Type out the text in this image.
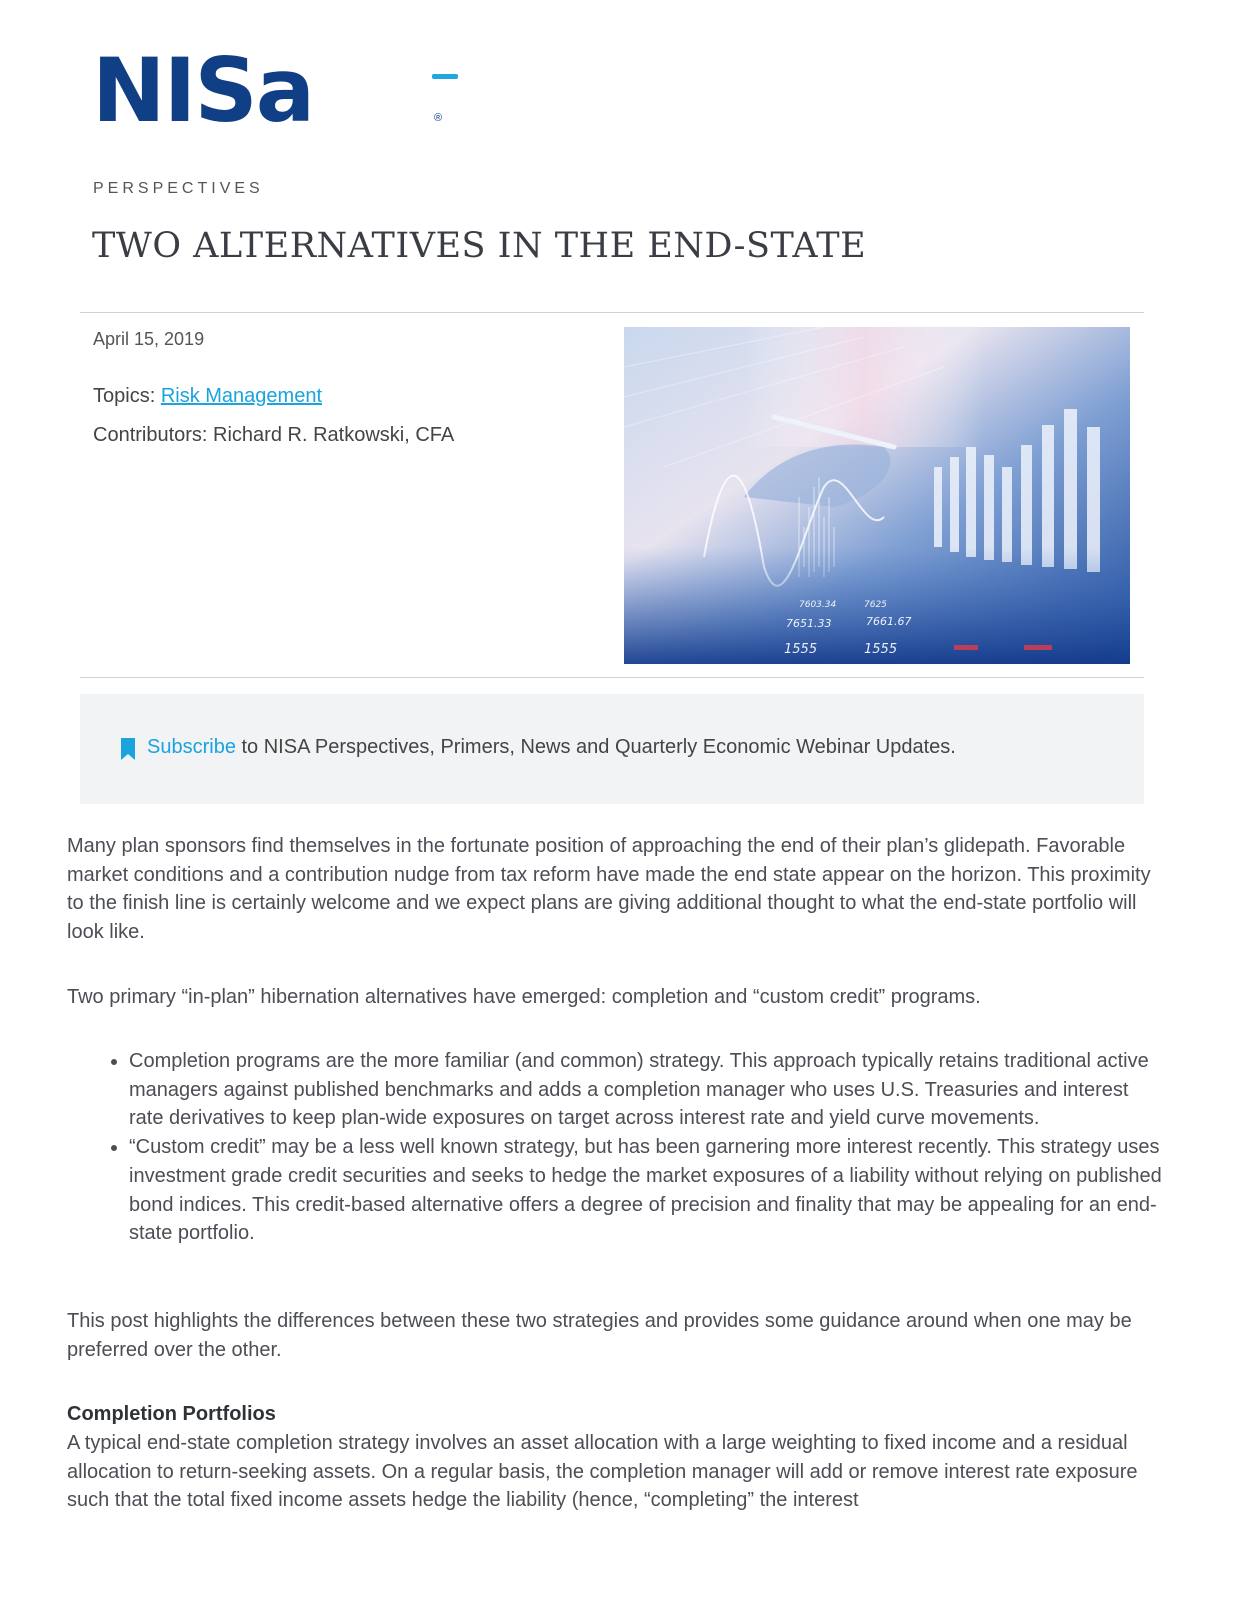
NISa	®
PERSPECTIVES
TWO ALTERNATIVES IN THE END-STATE
April 15, 2019
Topics: Risk Management
Contributors: Richard R. Ratkowski, CFA
7651.33	7661.67
1555	1555
7603.34	7625
Subscribe to NISA Perspectives, Primers, News and Quarterly Economic Webinar Updates.

Many plan sponsors find themselves in the fortunate position of approaching the end of their plan’s glidepath. Favorable market conditions and a contribution nudge from tax reform have made the end state appear on the horizon. This proximity to the finish line is certainly welcome and we expect plans are giving additional thought to what the end-state portfolio will look like.

Two primary “in-plan” hibernation alternatives have emerged: completion and “custom credit” programs.

• Completion programs are the more familiar (and common) strategy. This approach typically retains traditional active managers against published benchmarks and adds a completion manager who uses U.S. Treasuries and interest rate derivatives to keep plan-wide exposures on target across interest rate and yield curve movements.
• “Custom credit” may be a less well known strategy, but has been garnering more interest recently. This strategy uses investment grade credit securities and seeks to hedge the market exposures of a liability without relying on published bond indices. This credit-based alternative offers a degree of precision and finality that may be appealing for an end-state portfolio.

This post highlights the differences between these two strategies and provides some guidance around when one may be preferred over the other.

Completion Portfolios

A typical end-state completion strategy involves an asset allocation with a large weighting to fixed income and a residual allocation to return-seeking assets. On a regular basis, the completion manager will add or remove interest rate exposure such that the total fixed income assets hedge the liability (hence, “completing” the interest
